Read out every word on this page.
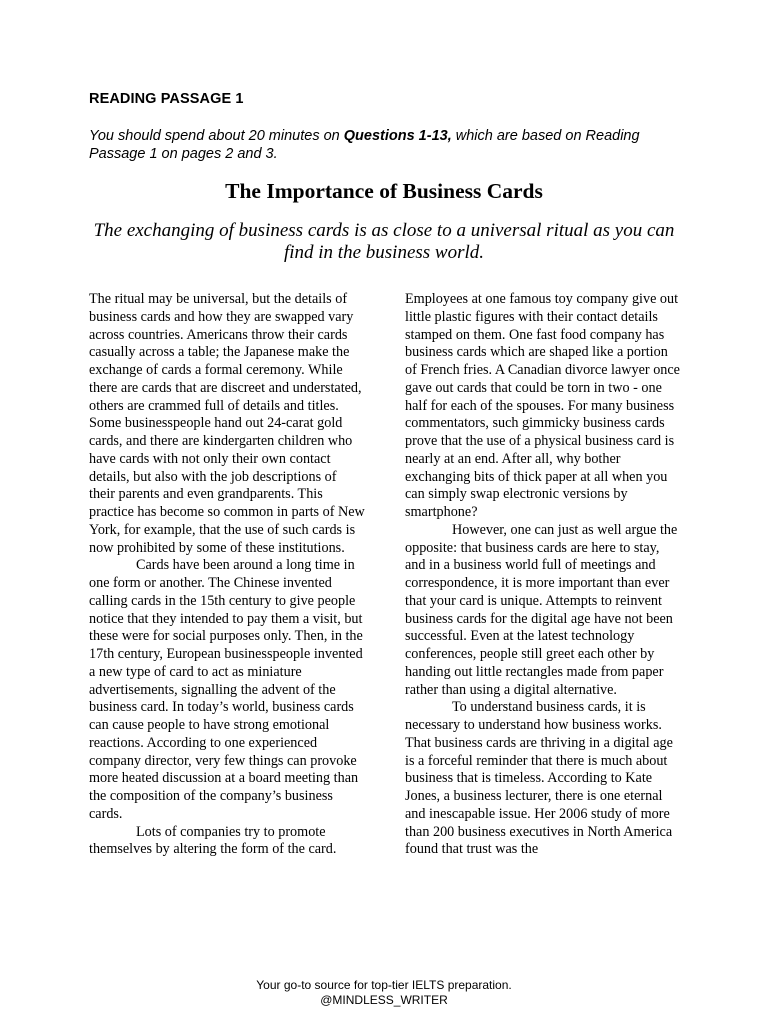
READING PASSAGE 1
You should spend about 20 minutes on Questions 1-13, which are based on Reading Passage 1 on pages 2 and 3.
The Importance of Business Cards
The exchanging of business cards is as close to a universal ritual as you can find in the business world.

The ritual may be universal, but the details of business cards and how they are swapped vary across countries. Americans throw their cards casually across a table; the Japanese make the exchange of cards a formal ceremony. While there are cards that are discreet and understated, others are crammed full of details and titles. Some businesspeople hand out 24-carat gold cards, and there are kindergarten children who have cards with not only their own contact details, but also with the job descriptions of their parents and even grandparents. This practice has become so common in parts of New York, for example, that the use of such cards is now prohibited by some of these institutions.

Cards have been around a long time in one form or another. The Chinese invented calling cards in the 15th century to give people notice that they intended to pay them a visit, but these were for social purposes only. Then, in the 17th century, European businesspeople invented a new type of card to act as miniature advertisements, signalling the advent of the business card. In today’s world, business cards can cause people to have strong emotional reactions. According to one experienced company director, very few things can provoke more heated discussion at a board meeting than the composition of the company’s business cards.

Lots of companies try to promote themselves by altering the form of the card.

Employees at one famous toy company give out little plastic figures with their contact details stamped on them. One fast food company has business cards which are shaped like a portion of French fries. A Canadian divorce lawyer once gave out cards that could be torn in two - one half for each of the spouses. For many business commentators, such gimmicky business cards prove that the use of a physical business card is nearly at an end. After all, why bother exchanging bits of thick paper at all when you can simply swap electronic versions by smartphone?

However, one can just as well argue the opposite: that business cards are here to stay, and in a business world full of meetings and correspondence, it is more important than ever that your card is unique. Attempts to reinvent business cards for the digital age have not been successful. Even at the latest technology conferences, people still greet each other by handing out little rectangles made from paper rather than using a digital alternative.

To understand business cards, it is necessary to understand how business works. That business cards are thriving in a digital age is a forceful reminder that there is much about business that is timeless. According to Kate Jones, a business lecturer, there is one eternal and inescapable issue. Her 2006 study of more than 200 business executives in North America found that trust was the

Your go-to source for top-tier IELTS preparation.
@MINDLESS_WRITER
